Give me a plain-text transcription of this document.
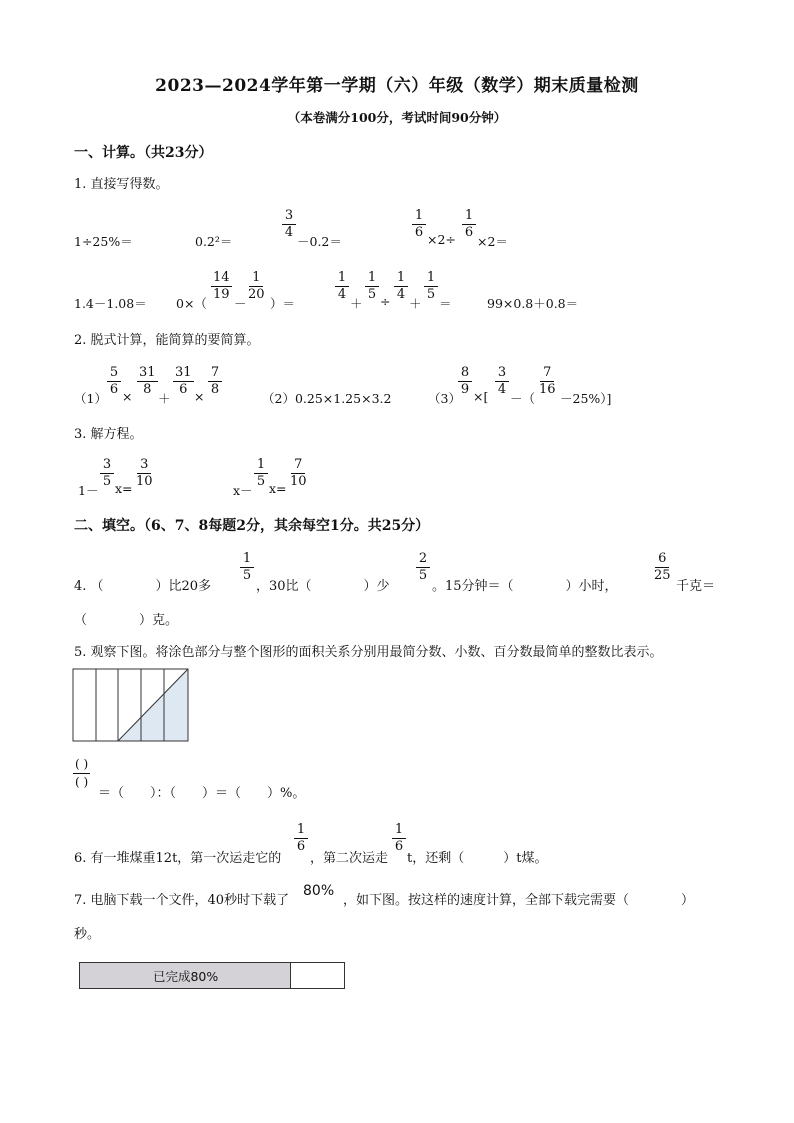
2023—2024学年第一学期（六）年级（数学）期末质量检测
（本卷满分100分，考试时间90分钟）
一、计算。（共23分）
1. 直接写得数。
1÷25%＝	0.2²＝
$\frac{3}{4}$
－0.2＝
$\frac{1}{6} \times 2\div \frac{1}{6}$
×2＝
1.4－1.08＝ 0×（
$\frac{14}{19}$
－
$\frac{1}{20}$
）＝
$\frac{1}{4}$
＋
$\frac{1}{5} \div \frac{1}{4}$
＋
$\frac{1}{5}$
＝	99×0.8＋0.8＝
2. 脱式计算，能简算的要简算。
（1）
$\frac{5}{6} \times \frac{31}{8}$
＋
$\frac{31}{6} \times \frac{7}{8}$
（2）0.25×1.25×3.2	（3）
$\frac{8}{9}$ ×[ $\frac{3}{4}$
－（
$\frac{7}{16}$
－25%）]
3. 解方程。
1－
$\frac{3}{5} x= \frac{3}{10}$
x－
$\frac{1}{5} x= \frac{7}{10}$
二、填空。（6、7、8每题2分，其余每空1分。共25分）
4. （　　　　）比20多
$\frac{1}{5}$
，30比（　　　　）少
$\frac{2}{5}$
。15分钟＝（　　　　）小时，
$\frac{6}{25}$
千克＝
（　　　　）克。
5. 观察下图。将涂色部分与整个图形的面积关系分别用最简分数、小数、百分数最简单的整数比表示。
( )
( )
＝（　　）：（　　）＝（　　）%。
6. 有一堆煤重12t，第一次运走它的
$\frac{1}{6}$
，第二次运走
$\frac{1}{6}$
t，还剩（　　　）t煤。
7. 电脑下载一个文件，40秒时下载了
80%
，如下图。按这样的速度计算，全部下载完需要（　　　　）
秒。
已完成80%
